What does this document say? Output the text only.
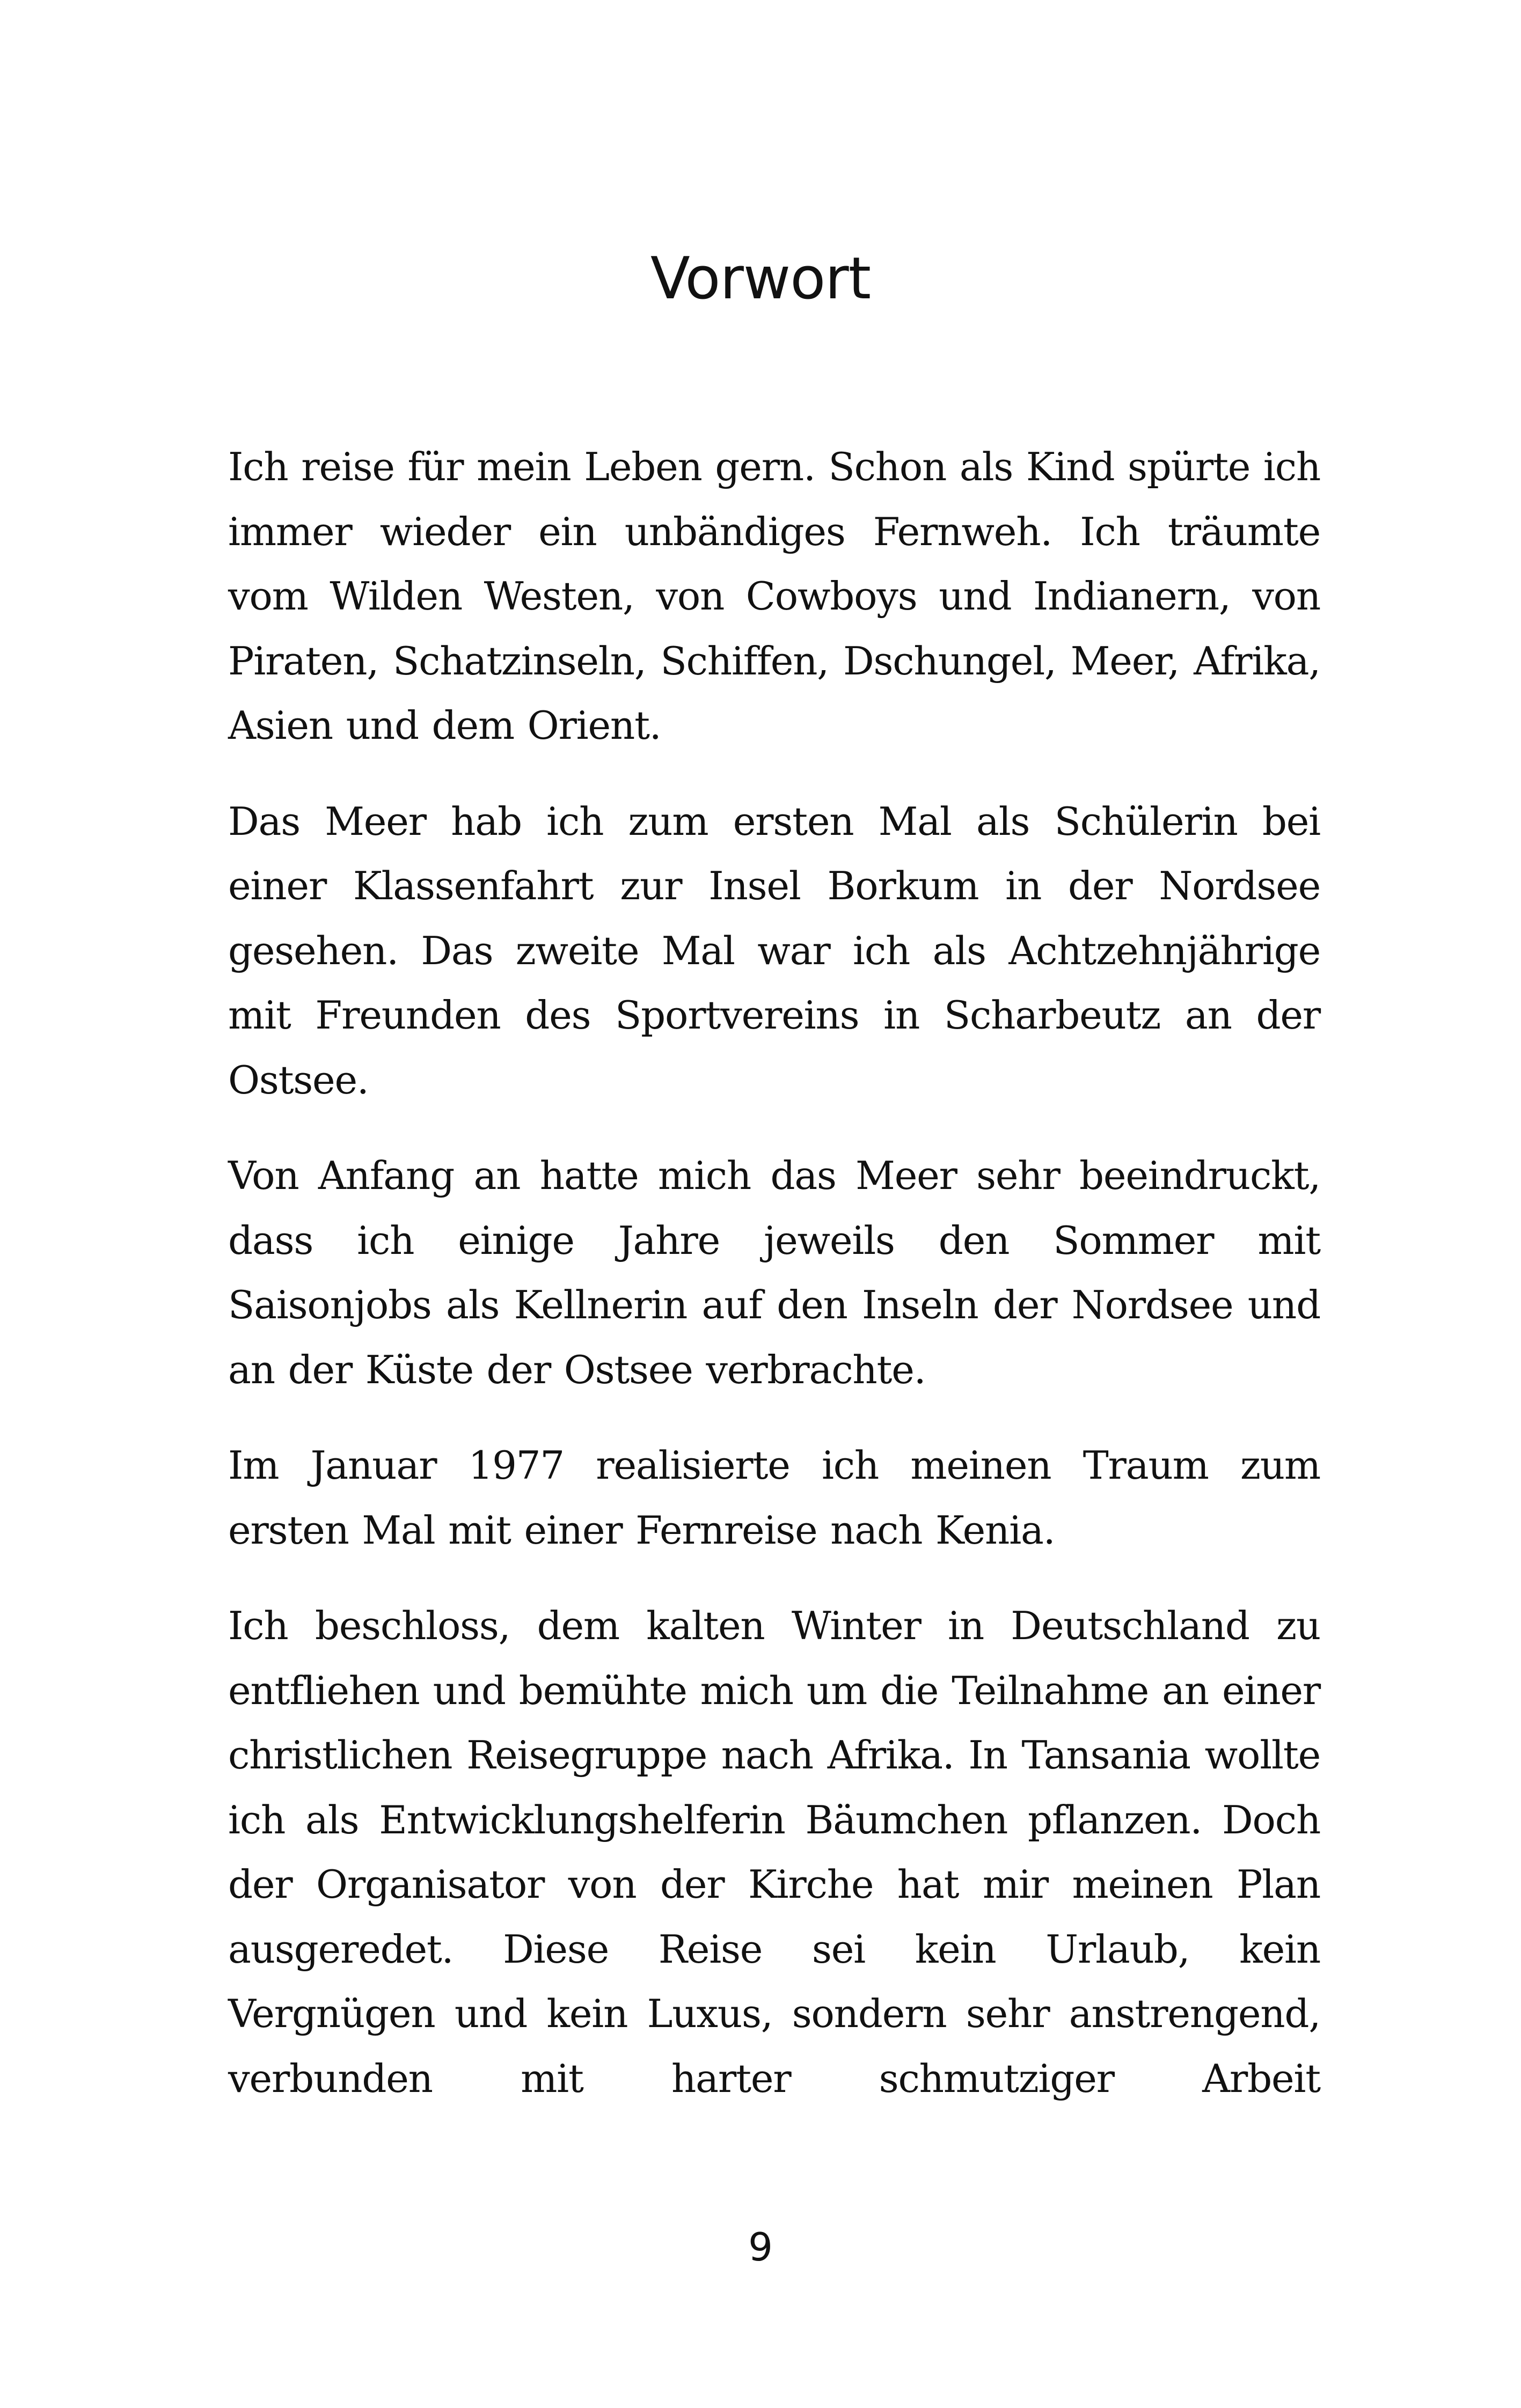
Vorwort

Ich reise für mein Leben gern. Schon als Kind spürte ich immer wieder ein unbändiges Fernweh. Ich träumte vom Wilden Westen, von Cowboys und Indianern, von Piraten, Schatzinseln, Schiffen, Dschungel, Meer, Afrika, Asien und dem Orient.

Das Meer hab ich zum ersten Mal als Schülerin bei einer Klassenfahrt zur Insel Borkum in der Nordsee gesehen. Das zweite Mal war ich als Achtzehnjährige mit Freunden des Sportvereins in Scharbeutz an der Ostsee.

Von Anfang an hatte mich das Meer sehr beeindruckt, dass ich einige Jahre jeweils den Sommer mit Saisonjobs als Kellnerin auf den Inseln der Nordsee und an der Küste der Ostsee verbrachte.

Im Januar 1977 realisierte ich meinen Traum zum ersten Mal mit einer Fernreise nach Kenia.

Ich beschloss, dem kalten Winter in Deutschland zu entfliehen und bemühte mich um die Teilnahme an einer christlichen Reisegruppe nach Afrika. In Tansania wollte ich als Entwicklungshelferin Bäumchen pflanzen. Doch der Organisator von der Kirche hat mir meinen Plan ausgeredet. Diese Reise sei kein Urlaub, kein Vergnügen und kein Luxus, sondern sehr anstrengend, verbunden mit harter schmutziger Arbeit

9
